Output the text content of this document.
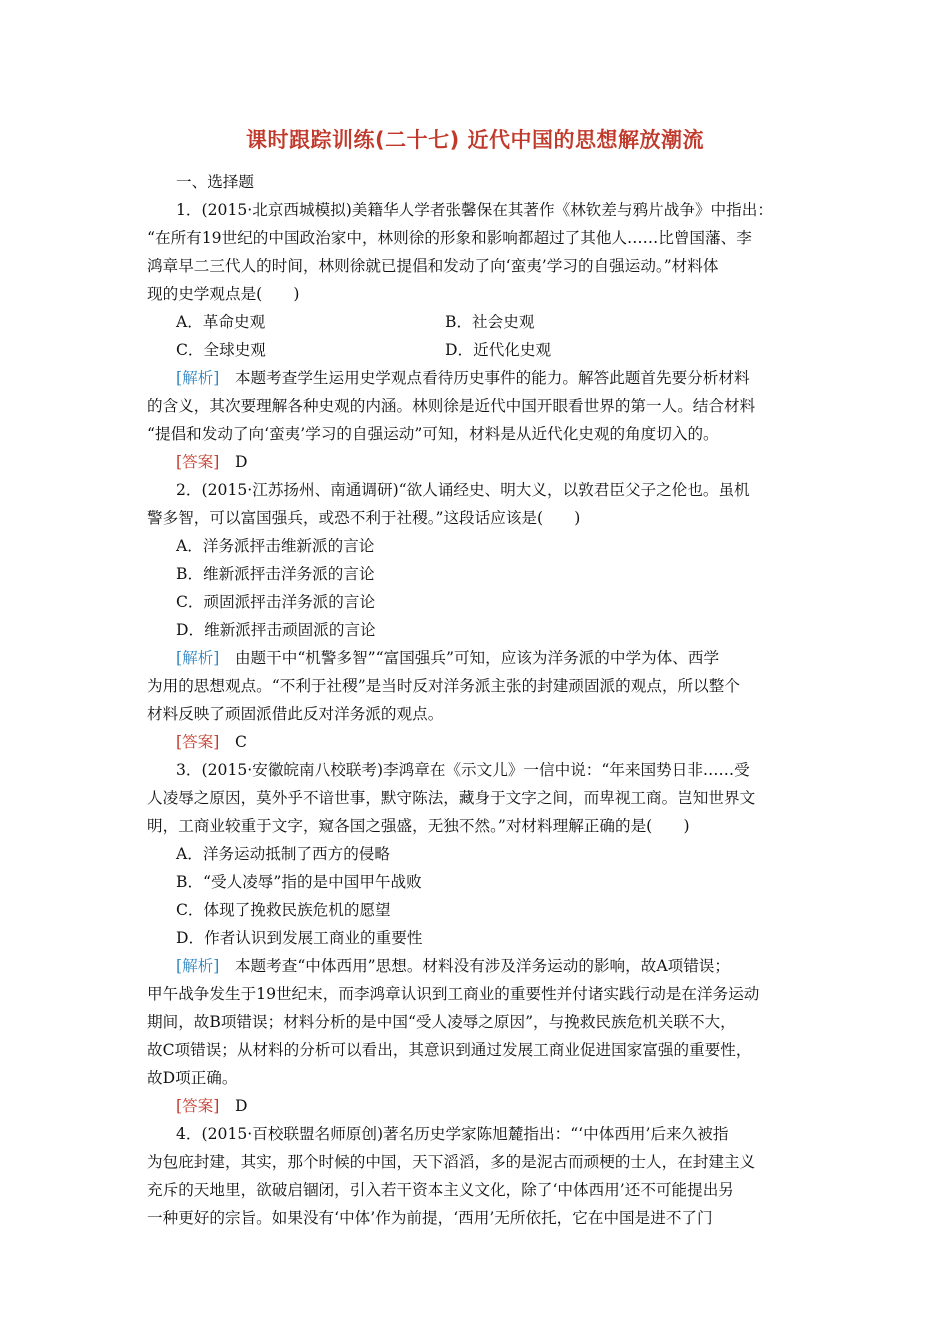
课时跟踪训练(二十七) 近代中国的思想解放潮流
一、选择题
1．(2015·北京西城模拟)美籍华人学者张馨保在其著作《林钦差与鸦片战争》中指出：
“在所有19世纪的中国政治家中，林则徐的形象和影响都超过了其他人……比曾国藩、李
鸿章早二三代人的时间，林则徐就已提倡和发动了向‘蛮夷’学习的自强运动。”材料体
现的史学观点是(　　)
A．革命史观	B．社会史观
C．全球史观	D．近代化史观
[解析]　本题考查学生运用史学观点看待历史事件的能力。解答此题首先要分析材料
的含义，其次要理解各种史观的内涵。林则徐是近代中国开眼看世界的第一人。结合材料
“提倡和发动了向‘蛮夷’学习的自强运动”可知，材料是从近代化史观的角度切入的。
[答案]　D
2．(2015·江苏扬州、南通调研)“欲人诵经史、明大义，以敦君臣父子之伦也。虽机
警多智，可以富国强兵，或恐不利于社稷。”这段话应该是(　　)
A．洋务派抨击维新派的言论
B．维新派抨击洋务派的言论
C．顽固派抨击洋务派的言论
D．维新派抨击顽固派的言论
[解析]　由题干中“机警多智”“富国强兵”可知，应该为洋务派的中学为体、西学
为用的思想观点。“不利于社稷”是当时反对洋务派主张的封建顽固派的观点，所以整个
材料反映了顽固派借此反对洋务派的观点。
[答案]　C
3．(2015·安徽皖南八校联考)李鸿章在《示文儿》一信中说：“年来国势日非……受
人凌辱之原因，莫外乎不谙世事，默守陈法，藏身于文字之间，而卑视工商。岂知世界文
明，工商业较重于文字，窥各国之强盛，无独不然。”对材料理解正确的是(　　)
A．洋务运动抵制了西方的侵略
B．“受人凌辱”指的是中国甲午战败
C．体现了挽救民族危机的愿望
D．作者认识到发展工商业的重要性
[解析]　本题考查“中体西用”思想。材料没有涉及洋务运动的影响，故A项错误；
甲午战争发生于19世纪末，而李鸿章认识到工商业的重要性并付诸实践行动是在洋务运动
期间，故B项错误；材料分析的是中国“受人凌辱之原因”，与挽救民族危机关联不大，
故C项错误；从材料的分析可以看出，其意识到通过发展工商业促进国家富强的重要性，
故D项正确。
[答案]　D
4．(2015·百校联盟名师原创)著名历史学家陈旭麓指出：“‘中体西用’后来久被指
为包庇封建，其实，那个时候的中国，天下滔滔，多的是泥古而顽梗的士人，在封建主义
充斥的天地里，欲破启锢闭，引入若干资本主义文化，除了‘中体西用’还不可能提出另
一种更好的宗旨。如果没有‘中体’作为前提，‘西用’无所依托，它在中国是进不了门
